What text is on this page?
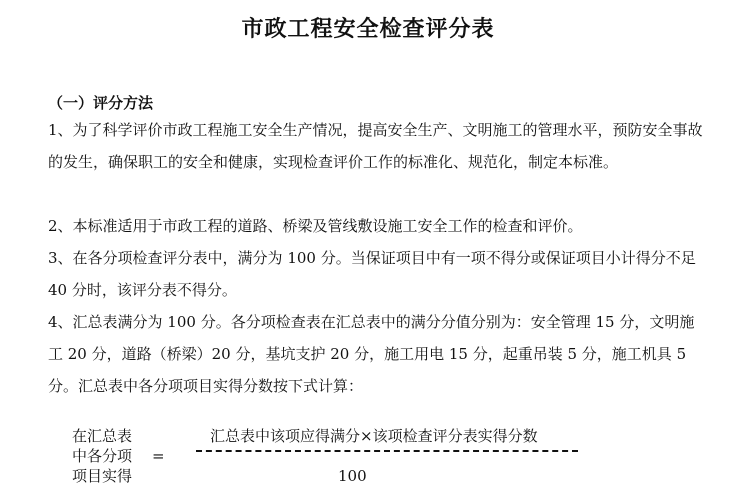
市政工程安全检查评分表
（一）评分方法

1、为了科学评价市政工程施工安全生产情况，提高安全生产、文明施工的管理水平，预防安全事故的发生，确保职工的安全和健康，实现检查评价工作的标准化、规范化，制定本标准。

2、本标准适用于市政工程的道路、桥梁及管线敷设施工安全工作的检查和评价。

3、在各分项检查评分表中，满分为 100 分。当保证项目中有一项不得分或保证项目小计得分不足 40 分时，该评分表不得分。

4、汇总表满分为 100 分。各分项检查表在汇总表中的满分分值分别为：安全管理 15 分，文明施工 20 分，道路（桥梁）20 分，基坑支护 20 分，施工用电 15 分，起重吊装 5 分，施工机具 5 分。汇总表中各分项项目实得分数按下式计算：

在汇总表
中各分项
项目实得
=
汇总表中该项应得满分×该项检查评分表实得分数
100
